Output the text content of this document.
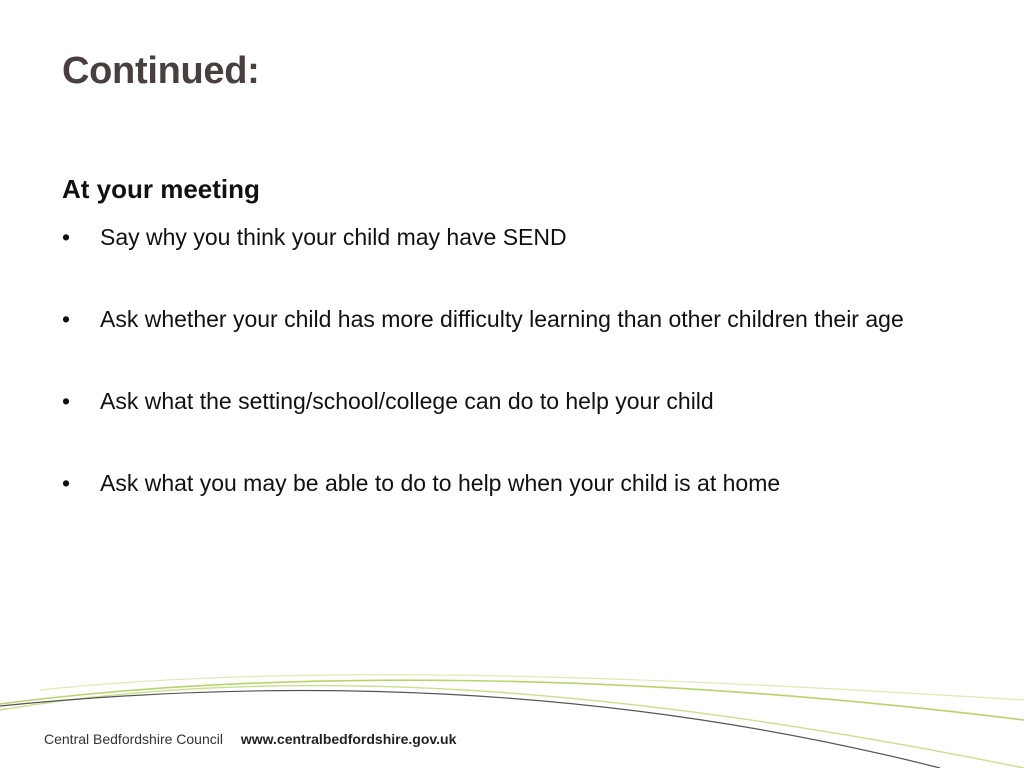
Continued:
At your meeting
•	Say why you think your child may have SEND
•	Ask whether your child has more difficulty learning than other children their age
•	Ask what the setting/school/college can do to help your child
•	Ask what you may be able to do to help when your child is at home
Central Bedfordshire Council www.centralbedfordshire.gov.uk
